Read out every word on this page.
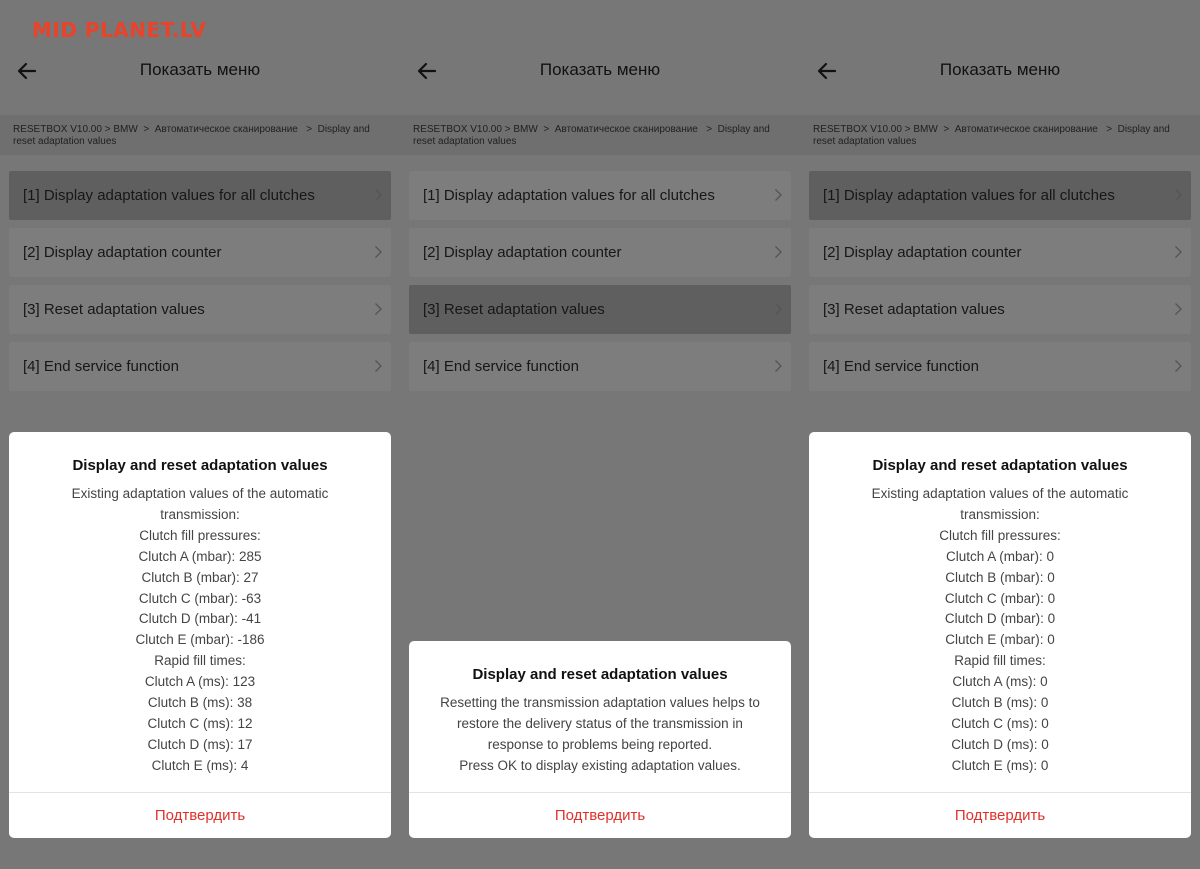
MID PLANET.LV
Показать меню
RESETBOX V10.00 > BMW  >  Автоматическое сканирование   >  Display and reset adaptation values
[1] Display adaptation values for all clutches
[2] Display adaptation counter
[3] Reset adaptation values
[4] End service function
Display and reset adaptation values
Existing adaptation values of the automatic transmission:
Clutch fill pressures:
Clutch A (mbar): 285
Clutch B (mbar): 27
Clutch C (mbar): -63
Clutch D (mbar): -41
Clutch E (mbar): -186
Rapid fill times:
Clutch A (ms): 123
Clutch B (ms): 38
Clutch C (ms): 12
Clutch D (ms): 17
Clutch E (ms): 4
Подтвердить
Показать меню
RESETBOX V10.00 > BMW  >  Автоматическое сканирование   >  Display and reset adaptation values
[1] Display adaptation values for all clutches
[2] Display adaptation counter
[3] Reset adaptation values
[4] End service function
Display and reset adaptation values
Resetting the transmission adaptation values helps to restore the delivery status of the transmission in response to problems being reported.
Press OK to display existing adaptation values.
Подтвердить
Показать меню
RESETBOX V10.00 > BMW  >  Автоматическое сканирование   >  Display and reset adaptation values
[1] Display adaptation values for all clutches
[2] Display adaptation counter
[3] Reset adaptation values
[4] End service function
Display and reset adaptation values
Existing adaptation values of the automatic transmission:
Clutch fill pressures:
Clutch A (mbar): 0
Clutch B (mbar): 0
Clutch C (mbar): 0
Clutch D (mbar): 0
Clutch E (mbar): 0
Rapid fill times:
Clutch A (ms): 0
Clutch B (ms): 0
Clutch C (ms): 0
Clutch D (ms): 0
Clutch E (ms): 0
Подтвердить
